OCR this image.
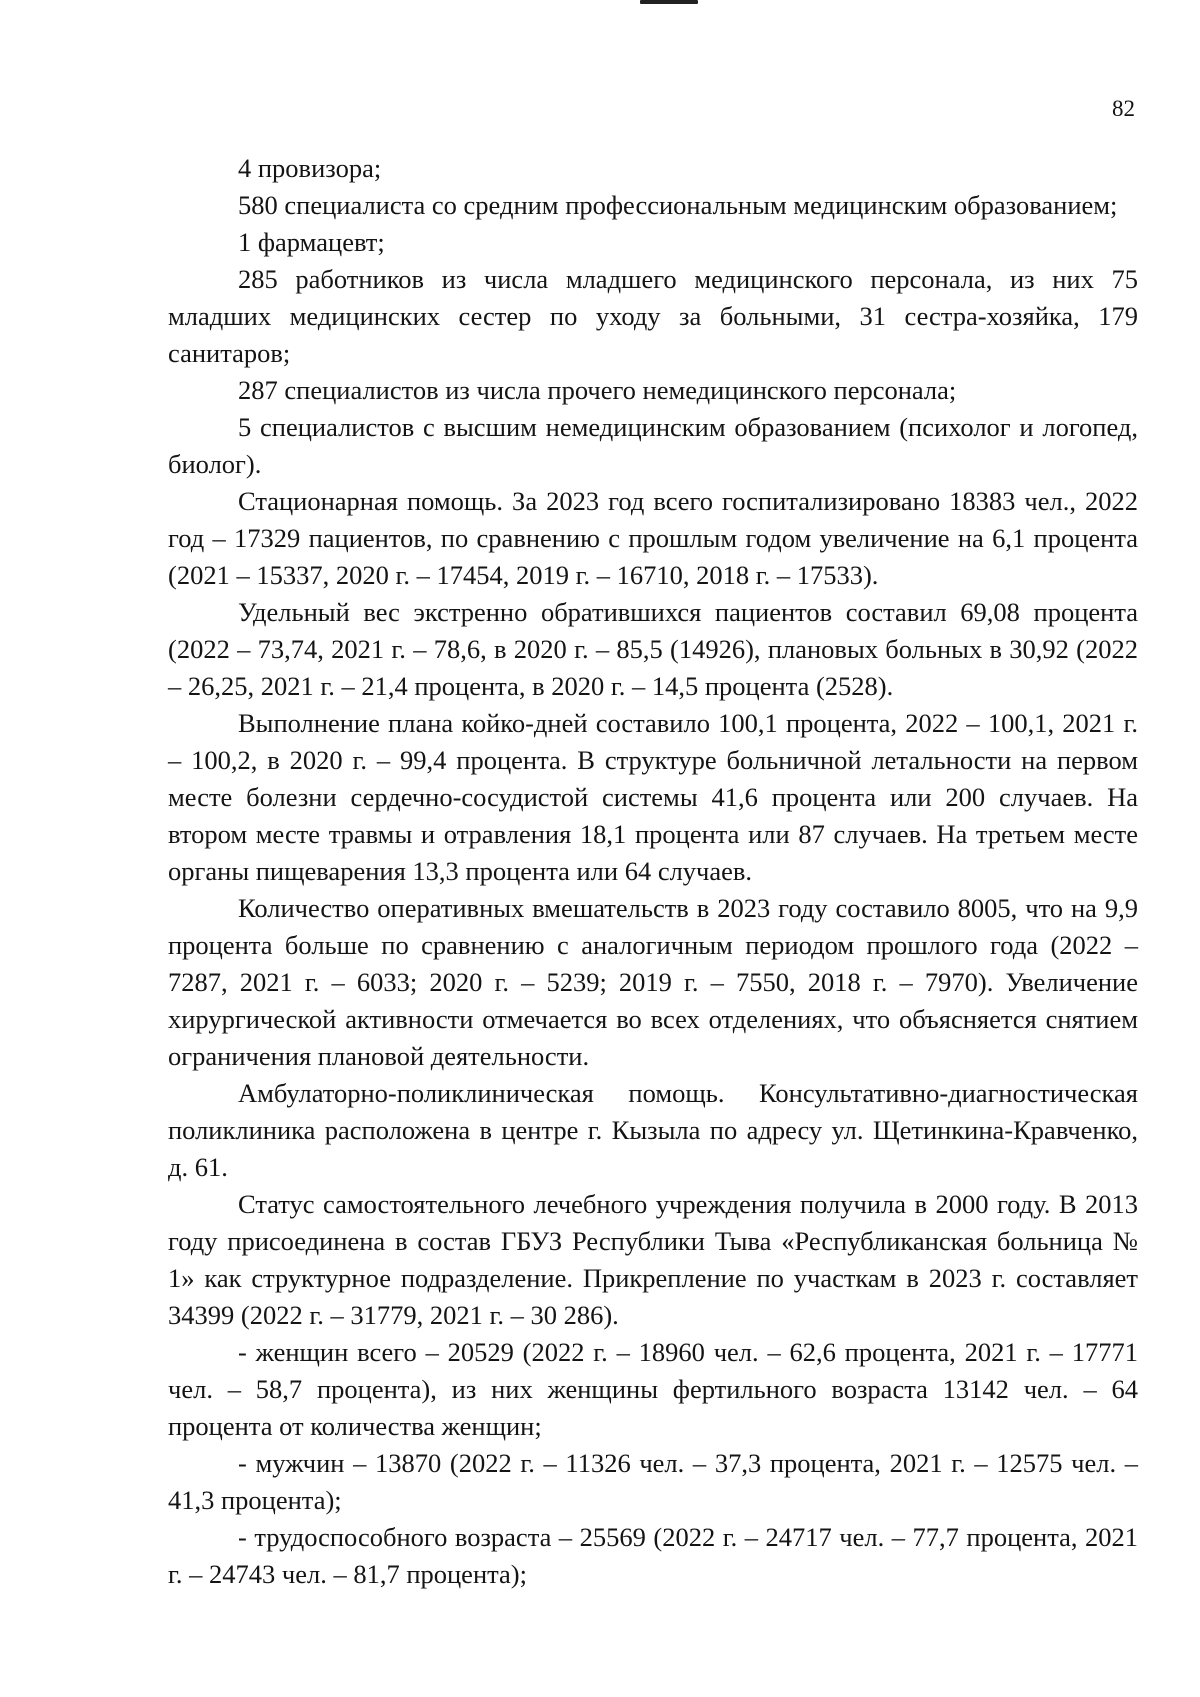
82

4 провизора;

580 специалиста со средним профессиональным медицинским образованием;

1 фармацевт;

285 работников из числа младшего медицинского персонала, из них 75 младших медицинских сестер по уходу за больными, 31 сестра-хозяйка, 179 санитаров;

287 специалистов из числа прочего немедицинского персонала;

5 специалистов с высшим немедицинским образованием (психолог и логопед, биолог).

Стационарная помощь. За 2023 год всего госпитализировано 18383 чел., 2022 год – 17329 пациентов, по сравнению с прошлым годом увеличение на 6,1 процента (2021 – 15337, 2020 г. – 17454, 2019 г. – 16710, 2018 г. – 17533).

Удельный вес экстренно обратившихся пациентов составил 69,08 процента (2022 – 73,74, 2021 г. – 78,6, в 2020 г. – 85,5 (14926), плановых больных в 30,92 (2022 – 26,25, 2021 г. – 21,4 процента, в 2020 г. – 14,5 процента (2528).

Выполнение плана койко-дней составило 100,1 процента, 2022 – 100,1, 2021 г. – 100,2, в 2020 г. – 99,4 процента. В структуре больничной летальности на первом месте болезни сердечно-сосудистой системы 41,6 процента или 200 случаев. На втором месте травмы и отравления 18,1 процента или 87 случаев. На третьем месте органы пищеварения 13,3 процента или 64 случаев.

Количество оперативных вмешательств в 2023 году составило 8005, что на 9,9 процента больше по сравнению с аналогичным периодом прошлого года (2022 – 7287, 2021 г. – 6033; 2020 г. – 5239; 2019 г. – 7550, 2018 г. – 7970). Увеличение хирургической активности отмечается во всех отделениях, что объясняется снятием ограничения плановой деятельности.

Амбулаторно-поликлиническая помощь. Консультативно-диагностическая поликлиника расположена в центре г. Кызыла по адресу ул. Щетинкина-Кравченко, д. 61.

Статус самостоятельного лечебного учреждения получила в 2000 году. В 2013 году присоединена в состав ГБУЗ Республики Тыва «Республиканская больница № 1» как структурное подразделение. Прикрепление по участкам в 2023 г. составляет 34399 (2022 г. – 31779, 2021 г. – 30 286).

- женщин всего – 20529 (2022 г. – 18960 чел. – 62,6 процента, 2021 г. – 17771 чел. – 58,7 процента), из них женщины фертильного возраста 13142 чел. – 64 процента от количества женщин;

- мужчин – 13870 (2022 г. – 11326 чел. – 37,3 процента, 2021 г. – 12575 чел. – 41,3 процента);

- трудоспособного возраста – 25569 (2022 г. – 24717 чел. – 77,7 процента, 2021 г. – 24743 чел. – 81,7 процента);
